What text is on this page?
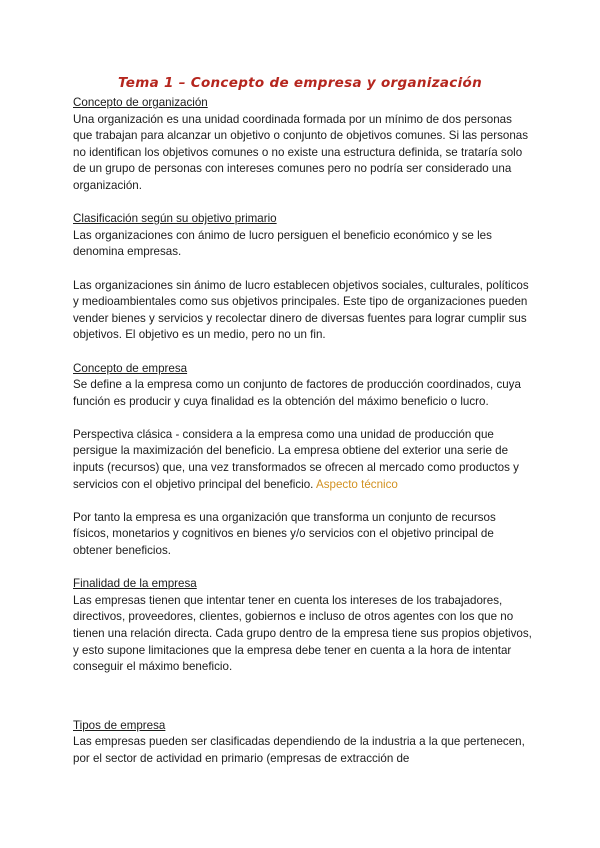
Tema 1 – Concepto de empresa y organización

Concepto de organización

Una organización es una unidad coordinada formada por un mínimo de dos personas que trabajan para alcanzar un objetivo o conjunto de objetivos comunes. Si las personas no identifican los objetivos comunes o no existe una estructura definida, se trataría solo de un grupo de personas con intereses comunes pero no podría ser considerado una organización.

Clasificación según su objetivo primario

Las organizaciones con ánimo de lucro persiguen el beneficio económico y se les denomina empresas.

Las organizaciones sin ánimo de lucro establecen objetivos sociales, culturales, políticos y medioambientales como sus objetivos principales. Este tipo de organizaciones pueden vender bienes y servicios y recolectar dinero de diversas fuentes para lograr cumplir sus objetivos. El objetivo es un medio, pero no un fin.

Concepto de empresa

Se define a la empresa como un conjunto de factores de producción coordinados, cuya función es producir y cuya finalidad es la obtención del máximo beneficio o lucro.

Perspectiva clásica - considera a la empresa como una unidad de producción que persigue la maximización del beneficio. La empresa obtiene del exterior una serie de inputs (recursos) que, una vez transformados se ofrecen al mercado como productos y servicios con el objetivo principal del beneficio. Aspecto técnico

Por tanto la empresa es una organización que transforma un conjunto de recursos físicos, monetarios y cognitivos en bienes y/o servicios con el objetivo principal de obtener beneficios.

Finalidad de la empresa

Las empresas tienen que intentar tener en cuenta los intereses de los trabajadores, directivos, proveedores, clientes, gobiernos e incluso de otros agentes con los que no tienen una relación directa. Cada grupo dentro de la empresa tiene sus propios objetivos, y esto supone limitaciones que la empresa debe tener en cuenta a la hora de intentar conseguir el máximo beneficio.

Tipos de empresa

Las empresas pueden ser clasificadas dependiendo de la industria a la que pertenecen, por el sector de actividad en primario (empresas de extracción de
